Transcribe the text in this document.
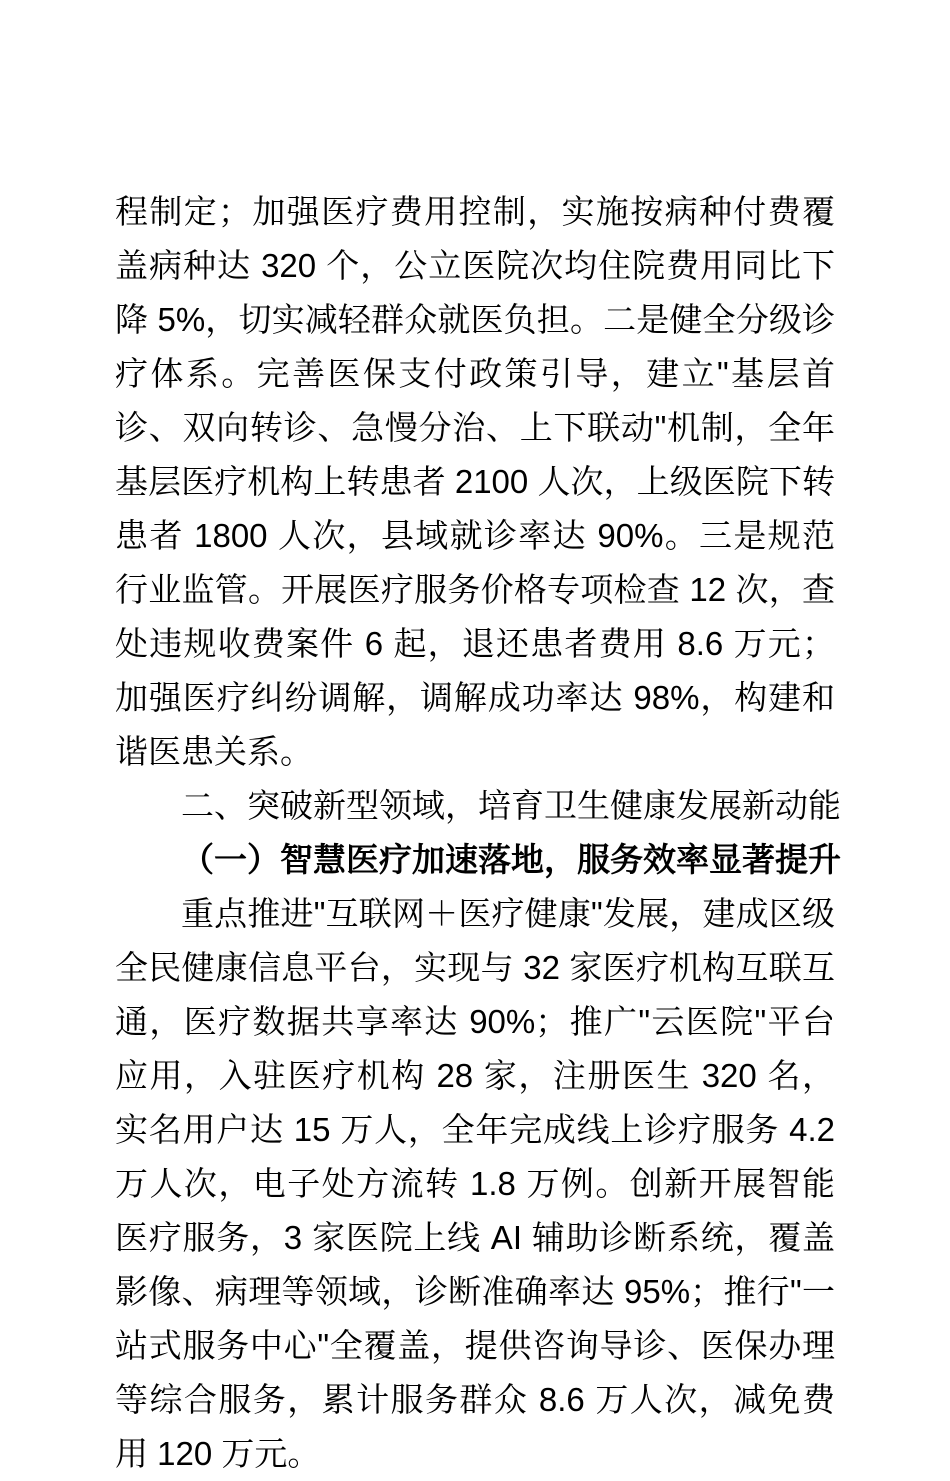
程制定；加强医疗费用控制，实施按病种付费覆盖病种达 320 个，公立医院次均住院费用同比下降 5%，切实减轻群众就医负担。二是健全分级诊疗体系。完善医保支付政策引导，建立"基层首诊、双向转诊、急慢分治、上下联动"机制，全年基层医疗机构上转患者 2100 人次，上级医院下转患者 1800 人次，县域就诊率达 90%。三是规范行业监管。开展医疗服务价格专项检查 12 次，查处违规收费案件 6 起，退还患者费用 8.6 万元；加强医疗纠纷调解，调解成功率达 98%，构建和谐医患关系。

二、突破新型领域，培育卫生健康发展新动能
（一）智慧医疗加速落地，服务效率显著提升

重点推进"互联网＋医疗健康"发展，建成区级全民健康信息平台，实现与 32 家医疗机构互联互通，医疗数据共享率达 90%；推广"云医院"平台应用，入驻医疗机构 28 家，注册医生 320 名，实名用户达 15 万人，全年完成线上诊疗服务 4.2 万人次，电子处方流转 1.8 万例。创新开展智能医疗服务，3 家医院上线 AI 辅助诊断系统，覆盖影像、病理等领域，诊断准确率达 95%；推行"一站式服务中心"全覆盖，提供咨询导诊、医保办理等综合服务，累计服务群众 8.6 万人次，减免费用 120 万元。
